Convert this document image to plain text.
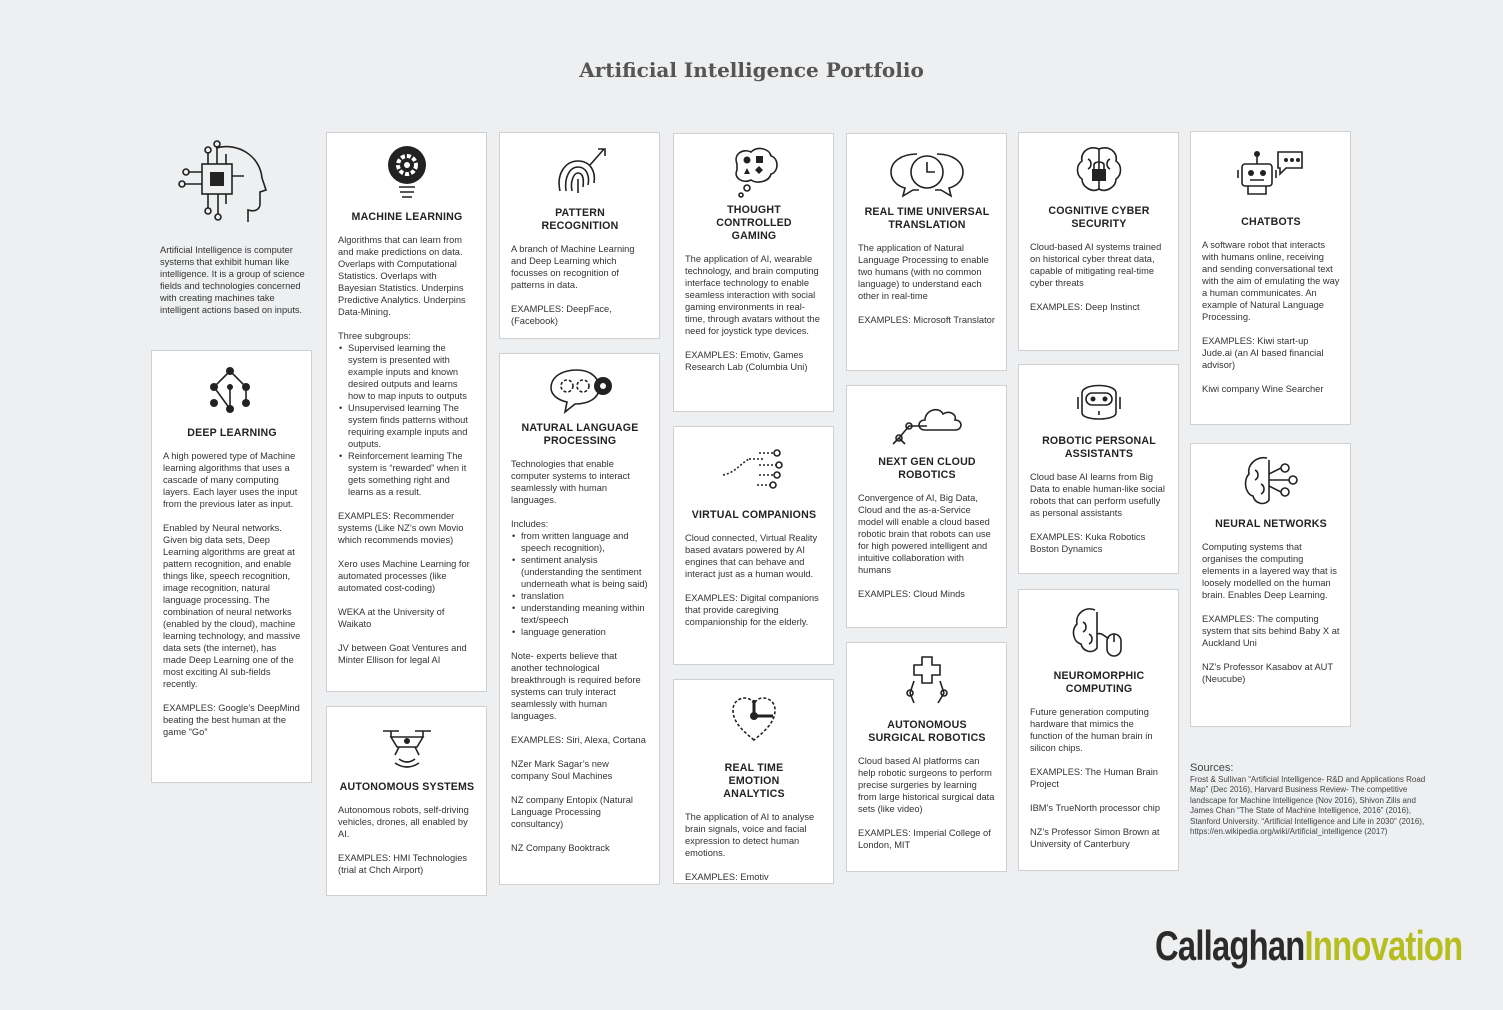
Artificial Intelligence Portfolio

Artificial Intelligence is computer systems that exhibit human like intelligence. It is a group of science fields and technologies concerned with creating machines take intelligent actions based on inputs.

DEEP LEARNING

A high powered type of Machine learning algorithms that uses a cascade of many computing layers. Each layer uses the input from the previous later as input.

Enabled by Neural networks. Given big data sets, Deep Learning algorithms are great at pattern recognition, and enable things like, speech recognition, image recognition, natural language processing. The combination of neural networks (enabled by the cloud), machine learning technology, and massive data sets (the internet), has made Deep Learning one of the most exciting AI sub-fields recently.

EXAMPLES: Google’s DeepMind beating the best human at the game “Go”

MACHINE LEARNING

Algorithms that can learn from and make predictions on data. Overlaps with Computational Statistics. Overlaps with Bayesian Statistics. Underpins Predictive Analytics. Underpins Data-Mining.

Three subgroups:

• Supervised learning the system is presented with example inputs and known desired outputs and learns how to map inputs to outputs
• Unsupervised learning The system finds patterns without requiring example inputs and outputs.
• Reinforcement learning The system is “rewarded” when it gets something right and learns as a result.

EXAMPLES: Recommender systems (Like NZ’s own Movio which recommends movies)

Xero uses Machine Learning for automated processes (like automated cost-coding)

WEKA at the University of Waikato

JV between Goat Ventures and Minter Ellison for legal AI

AUTONOMOUS SYSTEMS

Autonomous robots, self-driving vehicles, drones, all enabled by AI.

EXAMPLES: HMI Technologies (trial at Chch Airport)

PATTERN RECOGNITION

A branch of Machine Learning and Deep Learning which focusses on recognition of patterns in data.

EXAMPLES: DeepFace, (Facebook)

NATURAL LANGUAGE PROCESSING

Technologies that enable computer systems to interact seamlessly with human languages.

Includes:

• from written language and speech recognition),
• sentiment analysis (understanding the sentiment underneath what is being said)
• translation
• understanding meaning within text/speech
• language generation

Note- experts believe that another technological breakthrough is required before systems can truly interact seamlessly with human languages.

EXAMPLES: Siri, Alexa, Cortana

NZer Mark Sagar’s new company Soul Machines

NZ company Entopix (Natural Language Processing consultancy)

NZ Company Booktrack

THOUGHT CONTROLLED GAMING

The application of AI, wearable technology, and brain computing interface technology to enable seamless interaction with social gaming environments in real-time, through avatars without the need for joystick type devices.

EXAMPLES: Emotiv, Games Research Lab (Columbia Uni)

VIRTUAL COMPANIONS

Cloud connected, Virtual Reality based avatars powered by AI engines that can behave and interact just as a human would.

EXAMPLES: Digital companions that provide caregiving companionship for the elderly.

REAL TIME EMOTION ANALYTICS

The application of AI to analyse brain signals, voice and facial expression to detect human emotions.

EXAMPLES: Emotiv

REAL TIME UNIVERSAL TRANSLATION

The application of Natural Language Processing to enable two humans (with no common language) to understand each other in real-time

EXAMPLES: Microsoft Translator

NEXT GEN CLOUD ROBOTICS

Convergence of AI, Big Data, Cloud and the as-a-Service model will enable a cloud based robotic brain that robots can use for high powered intelligent and intuitive collaboration with humans

EXAMPLES: Cloud Minds

AUTONOMOUS SURGICAL ROBOTICS

Cloud based AI platforms can help robotic surgeons to perform precise surgeries by learning from large historical surgical data sets (like video)

EXAMPLES: Imperial College of London, MIT

COGNITIVE CYBER SECURITY

Cloud-based AI systems trained on historical cyber threat data, capable of mitigating real-time cyber threats

EXAMPLES: Deep Instinct

ROBOTIC PERSONAL ASSISTANTS

Cloud base AI learns from Big Data to enable human-like social robots that can perform usefully as personal assistants

EXAMPLES: Kuka Robotics Boston Dynamics

NEUROMORPHIC COMPUTING

Future generation computing hardware that mimics the function of the human brain in silicon chips.

EXAMPLES: The Human Brain Project

IBM’s TrueNorth processor chip

NZ’s Professor Simon Brown at University of Canterbury

CHATBOTS

A software robot that interacts with humans online, receiving and sending conversational text with the aim of emulating the way a human communicates. An example of Natural Language Processing.

EXAMPLES: Kiwi start-up Jude.ai (an AI based financial advisor)

Kiwi company Wine Searcher

NEURAL NETWORKS

Computing systems that organises the computing elements in a layered way that is loosely modelled on the human brain. Enables Deep Learning.

EXAMPLES: The computing system that sits behind Baby X at Auckland Uni

NZ’s Professor Kasabov at AUT (Neucube)

Sources:
Frost & Sullivan “Artificial Intelligence- R&D and Applications Road Map” (Dec 2016), Harvard Business Review- The competitive landscape for Machine Intelligence (Nov 2016), Shivon Zilis and James Chan “The State of Machine Intelligence, 2016” (2016), Stanford University. “Artificial Intelligence and Life in 2030” (2016), https://en.wikipedia.org/wiki/Artificial_intelligence (2017)
CallaghanInnovation
